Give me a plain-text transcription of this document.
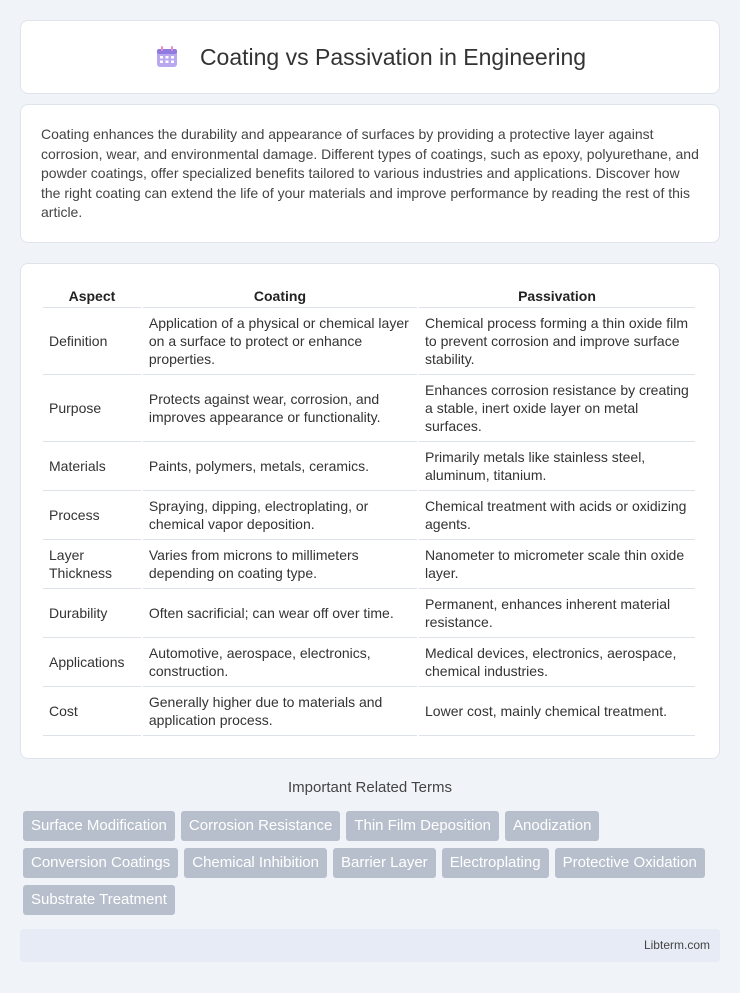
Coating vs Passivation in Engineering

Coating enhances the durability and appearance of surfaces by providing a protective layer against corrosion, wear, and environmental damage. Different types of coatings, such as epoxy, polyurethane, and powder coatings, offer specialized benefits tailored to various industries and applications. Discover how the right coating can extend the life of your materials and improve performance by reading the rest of this article.

Aspect	Coating	Passivation
Definition	Application of a physical or chemical layer on a surface to protect or enhance properties.	Chemical process forming a thin oxide film to prevent corrosion and improve surface stability.
Purpose	Protects against wear, corrosion, and improves appearance or functionality.	Enhances corrosion resistance by creating a stable, inert oxide layer on metal surfaces.
Materials	Paints, polymers, metals, ceramics.	Primarily metals like stainless steel, aluminum, titanium.
Process	Spraying, dipping, electroplating, or chemical vapor deposition.	Chemical treatment with acids or oxidizing agents.
Layer Thickness	Varies from microns to millimeters depending on coating type.	Nanometer to micrometer scale thin oxide layer.
Durability	Often sacrificial; can wear off over time.	Permanent, enhances inherent material resistance.
Applications	Automotive, aerospace, electronics, construction.	Medical devices, electronics, aerospace, chemical industries.
Cost	Generally higher due to materials and application process.	Lower cost, mainly chemical treatment.
Important Related Terms
Surface Modification	Corrosion Resistance	Thin Film Deposition	Anodization
Conversion Coatings	Chemical Inhibition	Barrier Layer	Electroplating	Protective Oxidation
Substrate Treatment
Libterm.com
